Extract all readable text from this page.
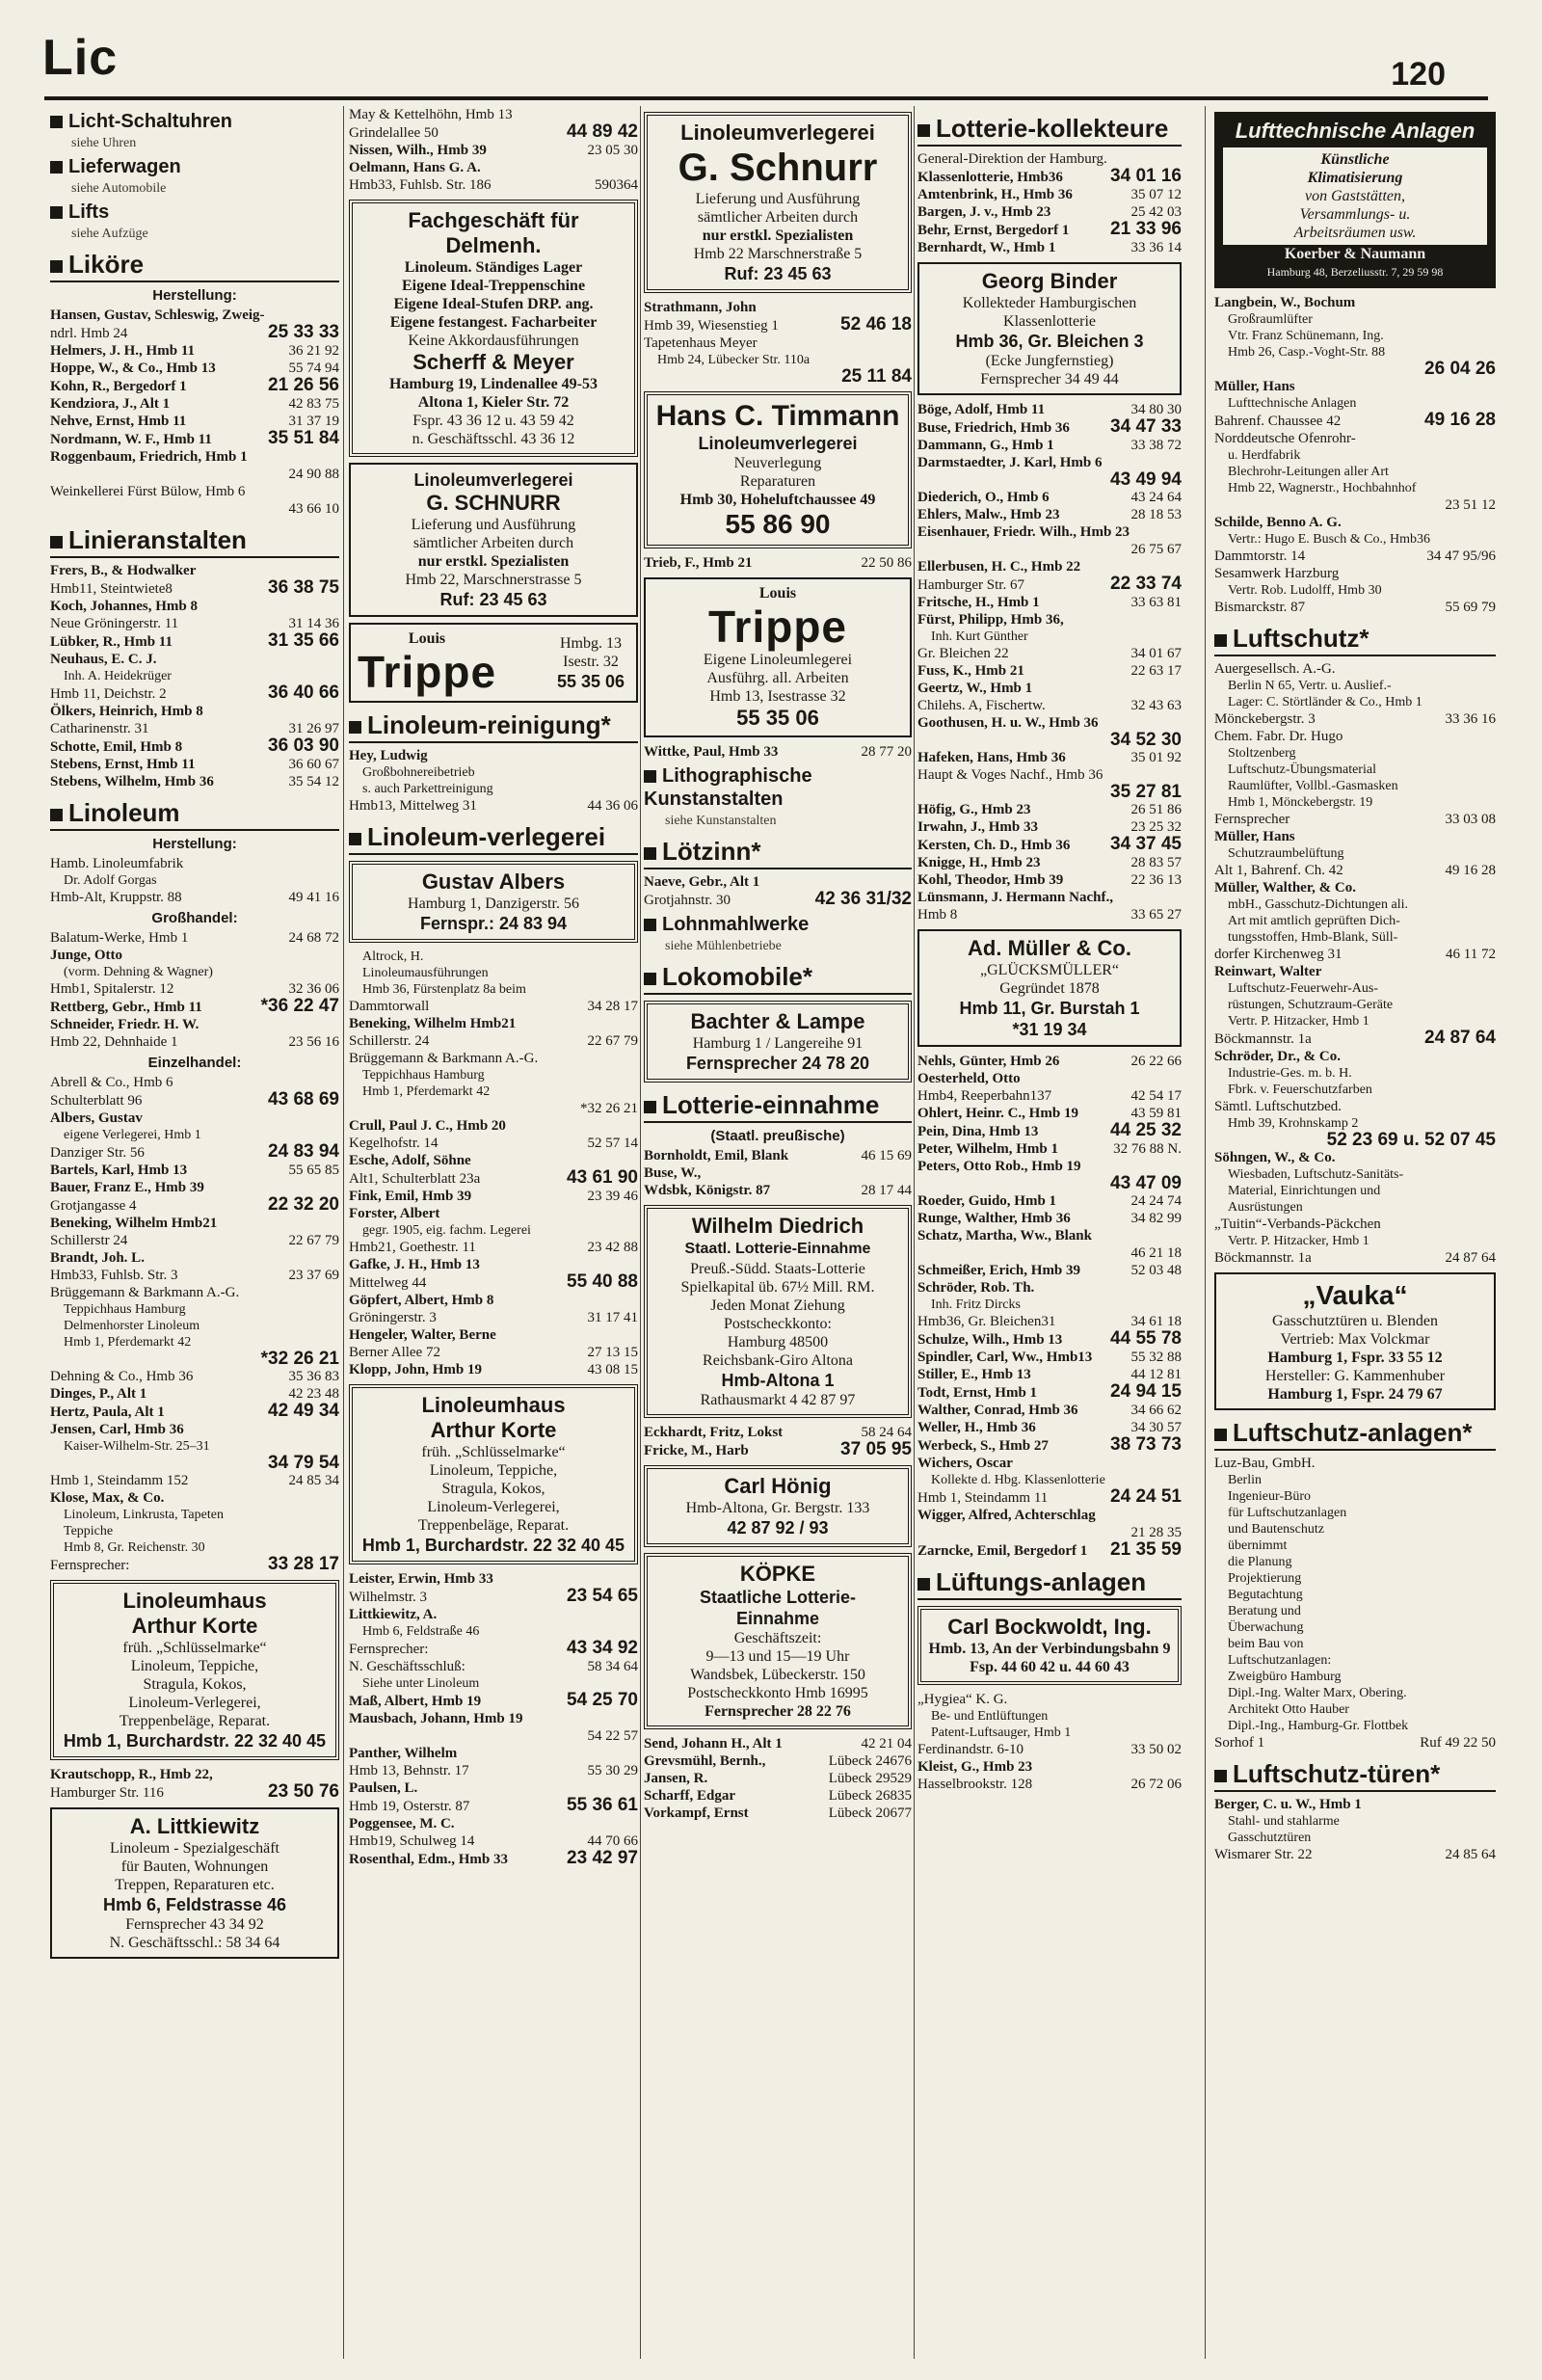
Lic	120
Licht-Schaltuhren
siehe Uhren
Lieferwagen
siehe Automobile
Lifts
siehe Aufzüge
Liköre
Herstellung:
Hansen, Gustav, Schleswig, Zweig-
ndrl. Hmb 24	25 33 33
Helmers, J. H., Hmb 11	36 21 92
Hoppe, W., & Co., Hmb 13	55 74 94
Kohn, R., Bergedorf 1	21 26 56
Kendziora, J., Alt 1	42 83 75
Nehve, Ernst, Hmb 11	31 37 19
Nordmann, W. F., Hmb 11	35 51 84
Roggenbaum, Friedrich, Hmb 1
24 90 88
Weinkellerei Fürst Bülow, Hmb 6
43 66 10
Linieranstalten
Frers, B., & Hodwalker
Hmb11, Steintwiete8	36 38 75
Koch, Johannes, Hmb 8
Neue Gröningerstr. 11	31 14 36
Lübker, R., Hmb 11	31 35 66
Neuhaus, E. C. J.
Inh. A. Heidekrüger
Hmb 11, Deichstr. 2	36 40 66
Ölkers, Heinrich, Hmb 8
Catharinenstr. 31	31 26 97
Schotte, Emil, Hmb 8	36 03 90
Stebens, Ernst, Hmb 11	36 60 67
Stebens, Wilhelm, Hmb 36	35 54 12
Linoleum
Herstellung:
Hamb. Linoleumfabrik
Dr. Adolf Gorgas
Hmb-Alt, Kruppstr. 88	49 41 16
Großhandel:
Balatum-Werke, Hmb 1	24 68 72
Junge, Otto
(vorm. Dehning & Wagner)
Hmb1, Spitalerstr. 12	32 36 06
Rettberg, Gebr., Hmb 11	*36 22 47
Schneider, Friedr. H. W.
Hmb 22, Dehnhaide 1	23 56 16
Einzelhandel:
Abrell & Co., Hmb 6
Schulterblatt 96	43 68 69
Albers, Gustav
eigene Verlegerei, Hmb 1
Danziger Str. 56	24 83 94
Bartels, Karl, Hmb 13	55 65 85
Bauer, Franz E., Hmb 39
Grotjangasse 4	22 32 20
Beneking, Wilhelm Hmb21
Schillerstr 24	22 67 79
Brandt, Joh. L.
Hmb33, Fuhlsb. Str. 3	23 37 69
Brüggemann & Barkmann A.-G.
Teppichhaus Hamburg
Delmenhorster Linoleum
Hmb 1, Pferdemarkt 42
*32 26 21
Dehning & Co., Hmb 36	35 36 83
Dinges, P., Alt 1	42 23 48
Hertz, Paula, Alt 1	42 49 34
Jensen, Carl, Hmb 36
Kaiser-Wilhelm-Str. 25–31
34 79 54
Hmb 1, Steindamm 152	24 85 34
Klose, Max, & Co.
Linoleum, Linkrusta, Tapeten
Teppiche
Hmb 8, Gr. Reichenstr. 30
Fernsprecher:	33 28 17
Linoleumhaus
Arthur Korte
früh. „Schlüsselmarke“
Linoleum, Teppiche,
Stragula, Kokos,
Linoleum-Verlegerei,
Treppenbeläge, Reparat.
Hmb 1, Burchardstr. 22 32 40 45
Krautschopp, R., Hmb 22,
Hamburger Str. 116	23 50 76
A. Littkiewitz
Linoleum - Spezialgeschäft
für Bauten, Wohnungen
Treppen, Reparaturen etc.
Hmb 6, Feldstrasse 46
Fernsprecher 43 34 92
N. Geschäftsschl.: 58 34 64
May & Kettelhöhn, Hmb 13
Grindelallee 50	44 89 42
Nissen, Wilh., Hmb 39	23 05 30
Oelmann, Hans G. A.
Hmb33, Fuhlsb. Str. 186	590364
Fachgeschäft für Delmenh.
Linoleum. Ständiges Lager
Eigene Ideal-Treppenschine
Eigene Ideal-Stufen DRP. ang.
Eigene festangest. Facharbeiter
Keine Akkordausführungen
Scherff & Meyer
Hamburg 19, Lindenallee 49-53
Altona 1, Kieler Str. 72
Fspr. 43 36 12 u. 43 59 42
n. Geschäftsschl. 43 36 12
Linoleumverlegerei
G. SCHNURR
Lieferung und Ausführung
sämtlicher Arbeiten durch
nur erstkl. Spezialisten
Hmb 22, Marschnerstrasse 5
Ruf: 23 45 63
Louis
Trippe
Hmbg. 13 Isestr. 32
55 35 06
Linoleum-reinigung*
Hey, Ludwig
Großbohnereibetrieb
s. auch Parkettreinigung
Hmb13, Mittelweg 31	44 36 06
Linoleum-verlegerei
Gustav Albers
Hamburg 1, Danzigerstr. 56
Fernspr.: 24 83 94
Altrock, H.
Linoleumausführungen
Hmb 36, Fürstenplatz 8a beim
Dammtorwall	34 28 17
Beneking, Wilhelm Hmb21
Schillerstr. 24	22 67 79
Brüggemann & Barkmann A.-G.
Teppichhaus Hamburg
Hmb 1, Pferdemarkt 42
*32 26 21
Crull, Paul J. C., Hmb 20
Kegelhofstr. 14	52 57 14
Esche, Adolf, Söhne
Alt1, Schulterblatt 23a	43 61 90
Fink, Emil, Hmb 39	23 39 46
Forster, Albert
gegr. 1905, eig. fachm. Legerei
Hmb21, Goethestr. 11	23 42 88
Gafke, J. H., Hmb 13
Mittelweg 44	55 40 88
Göpfert, Albert, Hmb 8
Gröningerstr. 3	31 17 41
Hengeler, Walter, Berne
Berner Allee 72	27 13 15
Klopp, John, Hmb 19	43 08 15
Linoleumhaus
Arthur Korte
früh. „Schlüsselmarke“
Linoleum, Teppiche,
Stragula, Kokos,
Linoleum-Verlegerei,
Treppenbeläge, Reparat.
Hmb 1, Burchardstr. 22 32 40 45
Leister, Erwin, Hmb 33
Wilhelmstr. 3	23 54 65
Littkiewitz, A.
Hmb 6, Feldstraße 46
Fernsprecher:	43 34 92
N. Geschäftsschluß:	58 34 64
Siehe unter Linoleum
Maß, Albert, Hmb 19	54 25 70
Mausbach, Johann, Hmb 19
54 22 57
Panther, Wilhelm
Hmb 13, Behnstr. 17	55 30 29
Paulsen, L.
Hmb 19, Osterstr. 87	55 36 61
Poggensee, M. C.
Hmb19, Schulweg 14	44 70 66
Rosenthal, Edm., Hmb 33	23 42 97
Linoleumverlegerei
G. Schnurr
Lieferung und Ausführung
sämtlicher Arbeiten durch
nur erstkl. Spezialisten
Hmb 22 Marschnerstraße 5
Ruf: 23 45 63
Strathmann, John
Hmb 39, Wiesenstieg 1	52 46 18
Tapetenhaus Meyer
Hmb 24, Lübecker Str. 110a
25 11 84
Hans C. Timmann
Linoleumverlegerei
Neuverlegung
Reparaturen
Hmb 30, Hoheluftchaussee 49
55 86 90
Trieb, F., Hmb 21	22 50 86
Louis
Trippe
Eigene Linoleumlegerei
Ausführg. all. Arbeiten
Hmb 13, Isestrasse 32
55 35 06
Wittke, Paul, Hmb 33	28 77 20
Lithographische Kunstanstalten
siehe Kunstanstalten
Lötzinn*
Naeve, Gebr., Alt 1
Grotjahnstr. 30	42 36 31/32
Lohnmahlwerke
siehe Mühlenbetriebe
Lokomobile*
Bachter & Lampe
Hamburg 1 / Langereihe 91
Fernsprecher 24 78 20
Lotterie-einnahme
(Staatl. preußische)
Bornholdt, Emil, Blank	46 15 69
Buse, W.,
Wdsbk, Königstr. 87	28 17 44
Wilhelm Diedrich
Staatl. Lotterie-Einnahme
Preuß.-Südd. Staats-Lotterie
Spielkapital üb. 67½ Mill. RM.
Jeden Monat Ziehung
Postscheckkonto:
Hamburg 48500
Reichsbank-Giro Altona
Hmb-Altona 1
Rathausmarkt 4 42 87 97
Eckhardt, Fritz, Lokst	58 24 64
Fricke, M., Harb	37 05 95
Carl Hönig
Hmb-Altona, Gr. Bergstr. 133
42 87 92 / 93
KÖPKE
Staatliche Lotterie-
Einnahme
Geschäftszeit:
9—13 und 15—19 Uhr
Wandsbek, Lübeckerstr. 150
Postscheckkonto Hmb 16995
Fernsprecher 28 22 76
Send, Johann H., Alt 1	42 21 04
Grevsmühl, Bernh.,	Lübeck 24676
Jansen, R.	Lübeck 29529
Scharff, Edgar	Lübeck 26835
Vorkampf, Ernst	Lübeck 20677
Lotterie-kollekteure
General-Direktion der Hamburg.
Klassenlotterie, Hmb36	34 01 16
Amtenbrink, H., Hmb 36	35 07 12
Bargen, J. v., Hmb 23	25 42 03
Behr, Ernst, Bergedorf 1	21 33 96
Bernhardt, W., Hmb 1	33 36 14
Georg Binder
Kollekteder Hamburgischen
Klassenlotterie
Hmb 36, Gr. Bleichen 3
(Ecke Jungfernstieg)
Fernsprecher 34 49 44
Böge, Adolf, Hmb 11	34 80 30
Buse, Friedrich, Hmb 36	34 47 33
Dammann, G., Hmb 1	33 38 72
Darmstaedter, J. Karl, Hmb 6
43 49 94
Diederich, O., Hmb 6	43 24 64
Ehlers, Malw., Hmb 23	28 18 53
Eisenhauer, Friedr. Wilh., Hmb 23
26 75 67
Ellerbusen, H. C., Hmb 22
Hamburger Str. 67	22 33 74
Fritsche, H., Hmb 1	33 63 81
Fürst, Philipp, Hmb 36,
Inh. Kurt Günther
Gr. Bleichen 22	34 01 67
Fuss, K., Hmb 21	22 63 17
Geertz, W., Hmb 1
Chilehs. A, Fischertw.	32 43 63
Goothusen, H. u. W., Hmb 36
34 52 30
Hafeken, Hans, Hmb 36	35 01 92
Haupt & Voges Nachf., Hmb 36
35 27 81
Höfig, G., Hmb 23	26 51 86
Irwahn, J., Hmb 33	23 25 32
Kersten, Ch. D., Hmb 36	34 37 45
Knigge, H., Hmb 23	28 83 57
Kohl, Theodor, Hmb 39	22 36 13
Lünsmann, J. Hermann Nachf.,
Hmb 8	33 65 27
Ad. Müller & Co.
„GLÜCKSMÜLLER“
Gegründet 1878
Hmb 11, Gr. Burstah 1
*31 19 34
Nehls, Günter, Hmb 26	26 22 66
Oesterheld, Otto
Hmb4, Reeperbahn137	42 54 17
Ohlert, Heinr. C., Hmb 19	43 59 81
Pein, Dina, Hmb 13	44 25 32
Peter, Wilhelm, Hmb 1	32 76 88 N.
Peters, Otto Rob., Hmb 19
43 47 09
Roeder, Guido, Hmb 1	24 24 74
Runge, Walther, Hmb 36	34 82 99
Schatz, Martha, Ww., Blank
46 21 18
Schmeißer, Erich, Hmb 39	52 03 48
Schröder, Rob. Th.
Inh. Fritz Dircks
Hmb36, Gr. Bleichen31	34 61 18
Schulze, Wilh., Hmb 13	44 55 78
Spindler, Carl, Ww., Hmb13	55 32 88
Stiller, E., Hmb 13	44 12 81
Todt, Ernst, Hmb 1	24 94 15
Walther, Conrad, Hmb 36	34 66 62
Weller, H., Hmb 36	34 30 57
Werbeck, S., Hmb 27	38 73 73
Wichers, Oscar
Kollekte d. Hbg. Klassenlotterie
Hmb 1, Steindamm 11	24 24 51
Wigger, Alfred, Achterschlag
21 28 35
Zarncke, Emil, Bergedorf 1	21 35 59
Lüftungs-anlagen
Carl Bockwoldt, Ing.
Hmb. 13, An der Verbindungsbahn 9
Fsp. 44 60 42 u. 44 60 43
„Hygiea“ K. G.
Be- und Entlüftungen
Patent-Luftsauger, Hmb 1
Ferdinandstr. 6-10	33 50 02
Kleist, G., Hmb 23
Hasselbrookstr. 128	26 72 06
Lufttechnische Anlagen
Künstliche
Klimatisierung
von Gaststätten,
Versammlungs- u.
Arbeitsräumen usw.
Koerber & Naumann
Hamburg 48, Berzeliusstr. 7, 29 59 98
Langbein, W., Bochum
Großraumlüfter
Vtr. Franz Schünemann, Ing.
Hmb 26, Casp.-Voght-Str. 88
26 04 26
Müller, Hans
Lufttechnische Anlagen
Bahrenf. Chaussee 42	49 16 28
Norddeutsche Ofenrohr-
u. Herdfabrik
Blechrohr-Leitungen aller Art
Hmb 22, Wagnerstr., Hochbahnhof
23 51 12
Schilde, Benno A. G.
Vertr.: Hugo E. Busch & Co., Hmb36
Dammtorstr. 14	34 47 95/96
Sesamwerk Harzburg
Vertr. Rob. Ludolff, Hmb 30
Bismarckstr. 87	55 69 79
Luftschutz*
Auergesellsch. A.-G.
Berlin N 65, Vertr. u. Auslief.-
Lager: C. Störtländer & Co., Hmb 1
Mönckebergstr. 3	33 36 16
Chem. Fabr. Dr. Hugo
Stoltzenberg
Luftschutz-Übungsmaterial
Raumlüfter, Vollbl.-Gasmasken
Hmb 1, Mönckebergstr. 19
Fernsprecher	33 03 08
Müller, Hans
Schutzraumbelüftung
Alt 1, Bahrenf. Ch. 42	49 16 28
Müller, Walther, & Co.
mbH., Gasschutz-Dichtungen ali.
Art mit amtlich geprüften Dich-
tungsstoffen, Hmb-Blank, Süll-
dorfer Kirchenweg 31	46 11 72
Reinwart, Walter
Luftschutz-Feuerwehr-Aus-
rüstungen, Schutzraum-Geräte
Vertr. P. Hitzacker, Hmb 1
Böckmannstr. 1a	24 87 64
Schröder, Dr., & Co.
Industrie-Ges. m. b. H.
Fbrk. v. Feuerschutzfarben
Sämtl. Luftschutzbed.
Hmb 39, Krohnskamp 2
52 23 69 u. 52 07 45
Söhngen, W., & Co.
Wiesbaden, Luftschutz-Sanitäts-
Material, Einrichtungen und
Ausrüstungen
„Tuitin“-Verbands-Päckchen
Vertr. P. Hitzacker, Hmb 1
Böckmannstr. 1a	24 87 64
„Vauka“
Gasschutztüren u. Blenden
Vertrieb: Max Volckmar
Hamburg 1, Fspr. 33 55 12
Hersteller: G. Kammenhuber
Hamburg 1, Fspr. 24 79 67
Luftschutz-anlagen*
Luz-Bau, GmbH.
Berlin
Ingenieur-Büro
für Luftschutzanlagen
und Bautenschutz
übernimmt
die Planung
Projektierung
Begutachtung
Beratung und
Überwachung
beim Bau von
Luftschutzanlagen:
Zweigbüro Hamburg
Dipl.-Ing. Walter Marx, Obering.
Architekt Otto Hauber
Dipl.-Ing., Hamburg-Gr. Flottbek
Sorhof 1	Ruf 49 22 50
Luftschutz-türen*
Berger, C. u. W., Hmb 1
Stahl- und stahlarme
Gasschutztüren
Wismarer Str. 22	24 85 64
